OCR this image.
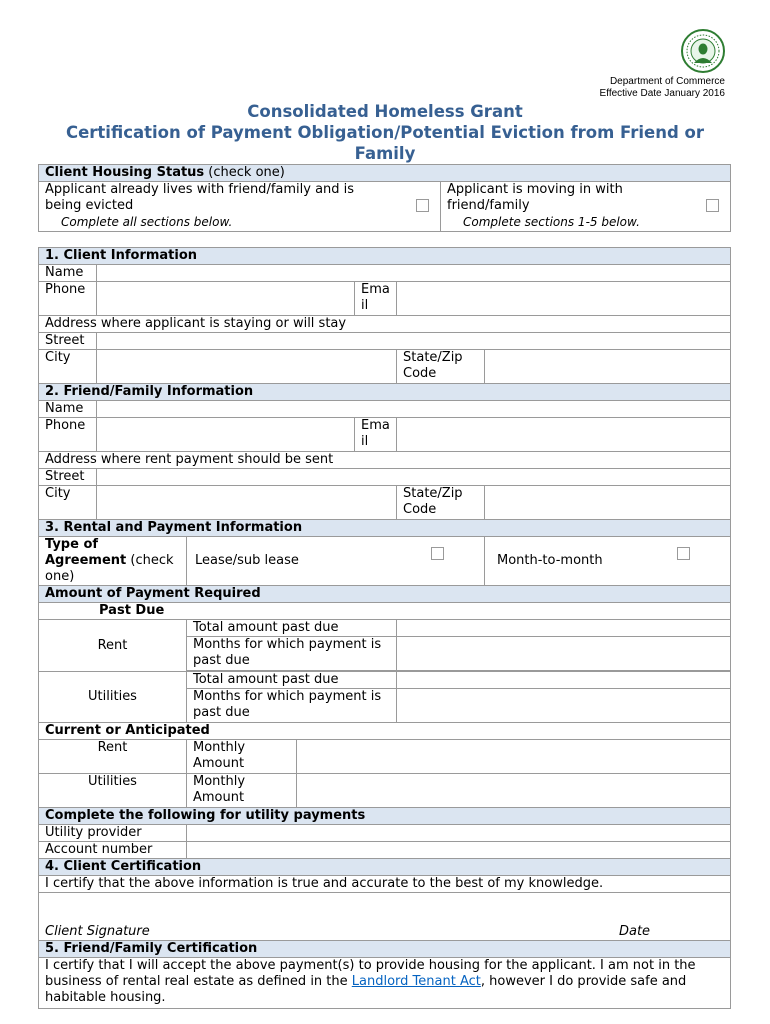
Department of Commerce
Effective Date January 2016
Consolidated Homeless Grant
Certification of Payment Obligation/Potential Eviction from Friend or Family
Client Housing Status (check one)

Applicant already lives with friend/family and is being evicted
Complete all sections below.

Applicant is moving in with friend/family
Complete sections 1-5 below.
1. Client Information						
Name						
Phone				Email		
Address where applicant is staying or will stay						
Street						
City					State/Zip Code	
2. Friend/Family Information						
Name						
Phone				Email		
Address where rent payment should be sent						
Street						
City					State/Zip Code	
3. Rental and Payment Information						
Type of Agreement (check one)		Lease/sub lease				Month-to-month

Amount of Payment Required						
Past Due						
Rent		Total amount past due				
		Months for which payment is past due				

Utilities		Total amount past due				
		Months for which payment is past due				
Current or Anticipated						
Rent		Monthly Amount				
Utilities		Monthly Amount				
Complete the following for utility payments						
Utility provider						
Account number						
4. Client Certification						
I certify that the above information is true and accurate to the best of my knowledge.						
Client Signature Date						

5. Friend/Family Certification						
I certify that I will accept the above payment(s) to provide housing for the applicant. I am not in the business of rental real estate as defined in the Landlord Tenant Act, however I do provide safe and habitable housing.						
